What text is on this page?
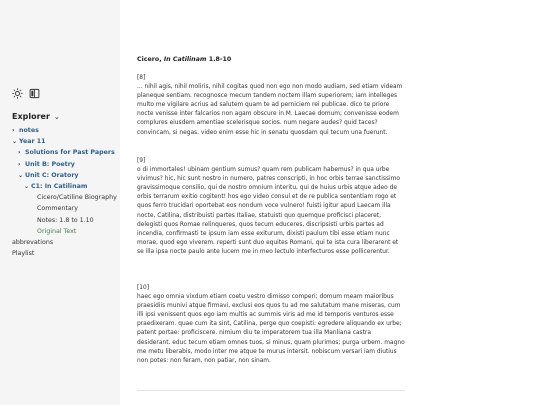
Explorer ⌄
› notes
⌄ Year 11
› Solutions for Past Papers
› Unit B: Poetry
⌄ Unit C: Oratory
⌄ C1: In Catilinam
Cicero/Catiline Biography
Commentary
Notes: 1.8 to 1.10
Original Text
abbrevations
Playlist
Cicero, In Catilinam 1.8-10
[8]

... nihil agis, nihil moliris, nihil cogitas quod non ego non modo audiam, sed etiam videam planeque sentiam. recognosce mecum tandem noctem illam superiorem; iam intelleges multo me vigilare acrius ad salutem quam te ad perniciem rei publicae. dico te priore nocte venisse inter falcarios non agam obscure in M. Laecae domum; convenisse eodem complures eiusdem amentiae scelerisque socios. num negare audes? quid taces? convincam, si negas. video enim esse hic in senatu quosdam qui tecum una fuerunt.

[9]

o di immortales! ubinam gentium sumus? quam rem publicam habemus? in qua urbe vivimus? hic, hic sunt nostro in numero, patres conscripti, in hoc orbis terrae sanctissimo gravissimoque consilio, qui de nostro omnium interitu, qui de huius urbis atque adeo de orbis terrarum exitio cogitent! hos ego video consul et de re publica sententiam rogo et quos ferro trucidari oportebat eos nondum voce vulnero! fuisti igitur apud Laecam illa nocte, Catilina, distribuisti partes Italiae, statuisti quo quemque proficisci placeret, delegisti quos Romae relinqueres, quos tecum educeres, discripsisti urbis partes ad incendia, confirmasti te ipsum iam esse exiturum, dixisti paulum tibi esse etiam nunc morae, quod ego viverem. reperti sunt duo equites Romani, qui te ista cura liberarent et se illa ipsa nocte paulo ante lucem me in meo lectulo interfecturos esse pollicerentur.

[10]

haec ego omnia vixdum etiam coetu vestro dimisso comperi; domum meam maioribus praesidiis munivi atque firmavi, exclusi eos quos tu ad me salutatum mane miseras, cum illi ipsi venissent quos ego iam multis ac summis viris ad me id temporis venturos esse praedixeram. quae cum ita sint, Catilina, perge quo coepisti: egredere aliquando ex urbe; patent portae: proficiscere. nimium diu te imperatorem tua illa Manliana castra desiderant. educ tecum etiam omnes tuos, si minus, quam plurimos; purga urbem. magno me metu liberabis, modo inter me atque te murus intersit. nobiscum versari iam diutius non potes: non feram, non patiar, non sinam.
